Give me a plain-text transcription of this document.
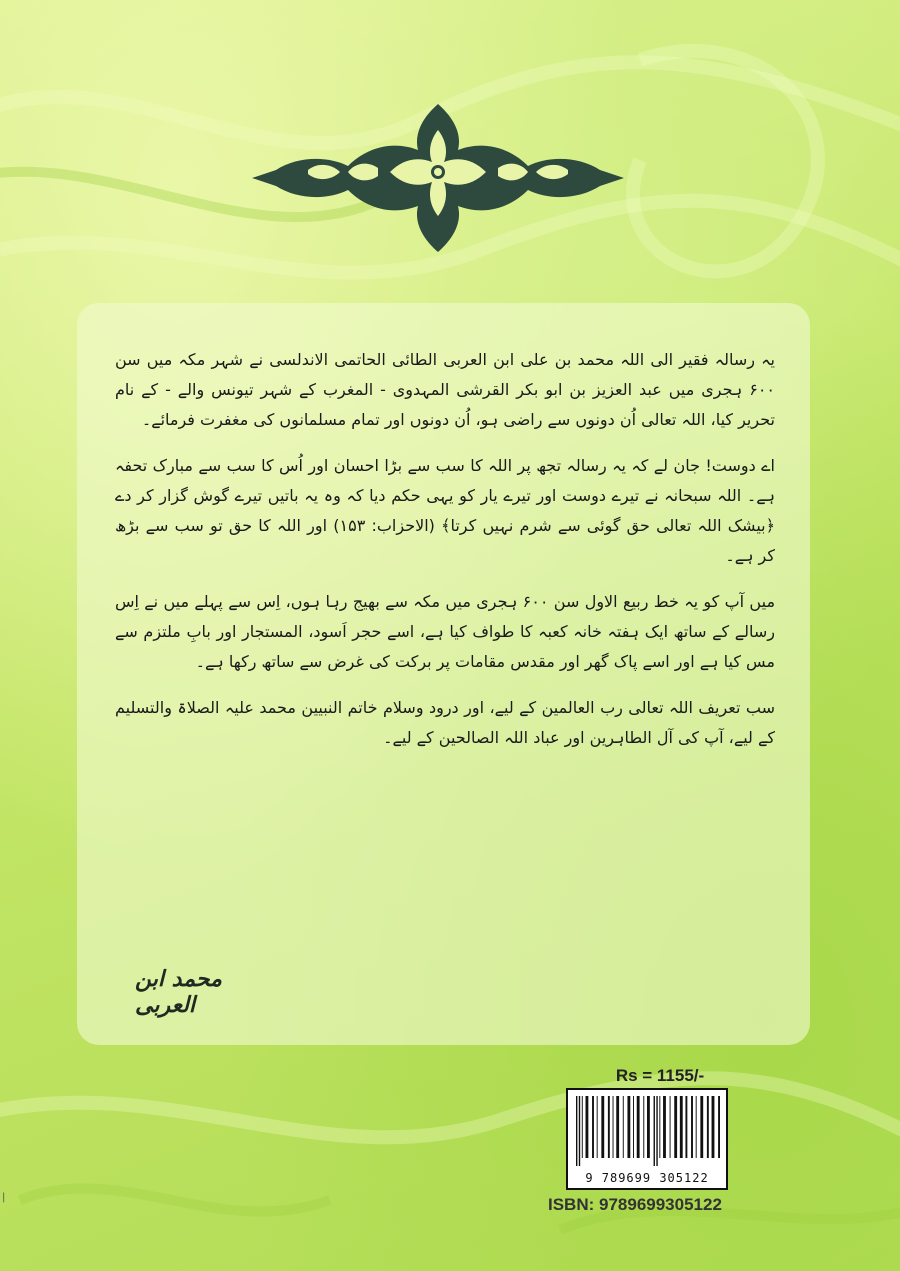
یہ رسالہ فقیر الی اللہ محمد بن علی ابن العربی الطائی الحاتمی الاندلسی نے شہر مکہ میں سن ۶۰۰ ہجری میں عبد العزیز بن ابو بکر القرشی المہدوی - المغرب کے شہر تیونس والے - کے نام تحریر کیا، اللہ تعالی اُن دونوں سے راضی ہو، اُن دونوں اور تمام مسلمانوں کی مغفرت فرمائے۔

اے دوست! جان لے کہ یہ رسالہ تجھ پر اللہ کا سب سے بڑا احسان اور اُس کا سب سے مبارک تحفہ ہے۔ اللہ سبحانہ نے تیرے دوست اور تیرے یار کو یہی حکم دیا کہ وہ یہ باتیں تیرے گوش گزار کر دے ﴿بیشک اللہ تعالی حق گوئی سے شرم نہیں کرتا﴾ (الاحزاب: ۱۵۳) اور اللہ کا حق تو سب سے بڑھ کر ہے۔

میں آپ کو یہ خط ربیع الاول سن ۶۰۰ ہجری میں مکہ سے بھیج رہا ہوں، اِس سے پہلے میں نے اِس رسالے کے ساتھ ایک ہفتہ خانہ کعبہ کا طواف کیا ہے، اسے حجر اَسود، المستجار اور بابِ ملتزم سے مس کیا ہے اور اسے پاک گھر اور مقدس مقامات پر برکت کی غرض سے ساتھ رکھا ہے۔

سب تعریف اللہ تعالی رب العالمین کے لیے، اور درود وسلام خاتم النبیین محمد علیہ الصلاۃ والتسلیم کے لیے، آپ کی آل الطاہرین اور عباد اللہ الصالحین کے لیے۔

محمد ابن العربی
Rs = 1155/-
9 789699 305122
ISBN: 9789699305122
|
